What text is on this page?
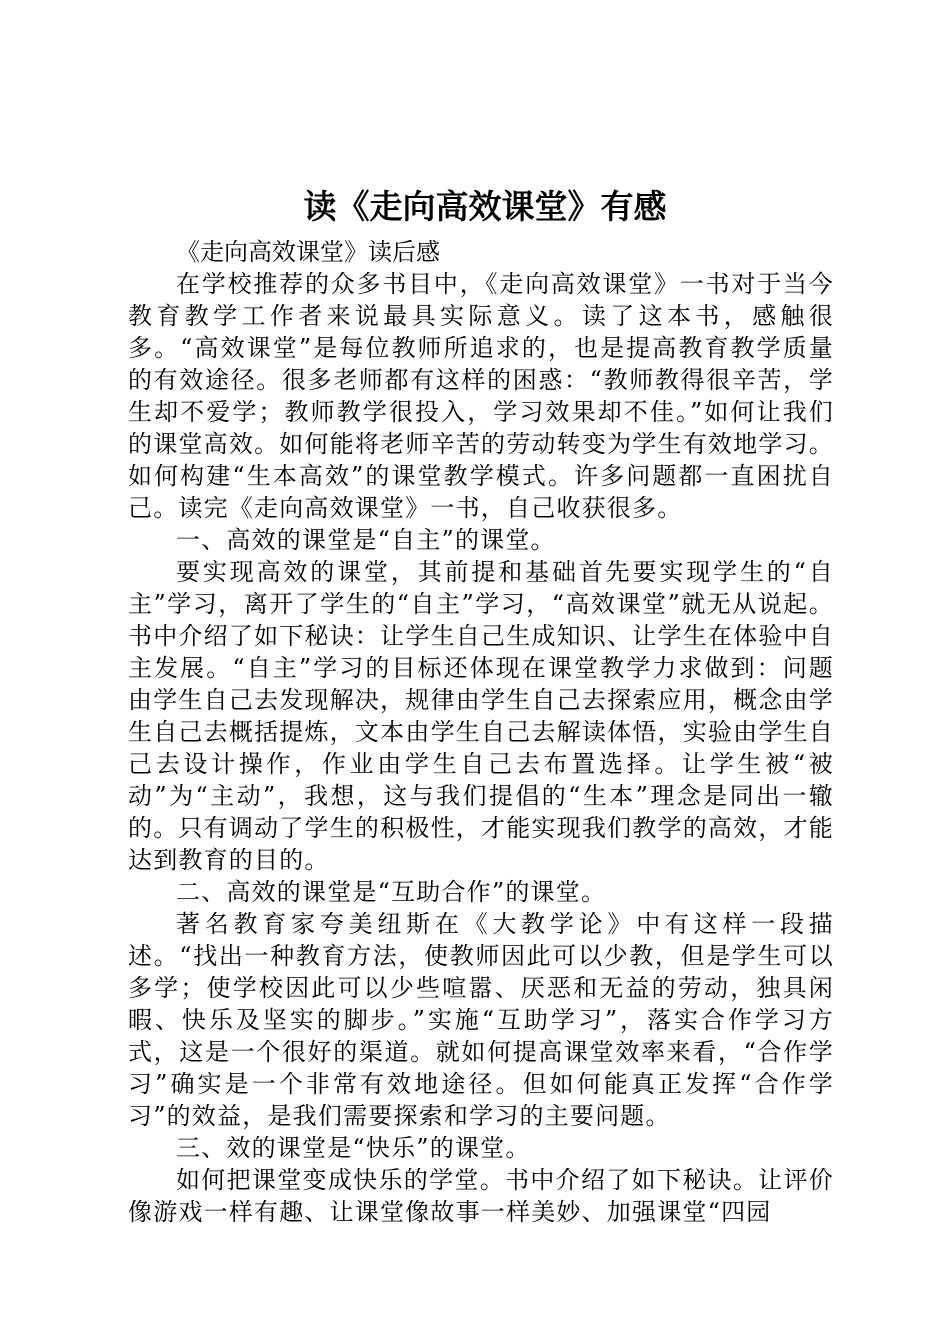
读《走向高效课堂》有感
《走向高效课堂》读后感

在学校推荐的众多书目中，《走向高效课堂》一书对于当今教育教学工作者来说最具实际意义。读了这本书，感触很多。“高效课堂”是每位教师所追求的，也是提高教育教学质量的有效途径。很多老师都有这样的困惑：“教师教得很辛苦，学生却不爱学；教师教学很投入，学习效果却不佳。”如何让我们的课堂高效。如何能将老师辛苦的劳动转变为学生有效地学习。如何构建“生本高效”的课堂教学模式。许多问题都一直困扰自己。读完《走向高效课堂》一书，自己收获很多。

一、高效的课堂是“自主”的课堂。

要实现高效的课堂，其前提和基础首先要实现学生的“自主”学习，离开了学生的“自主”学习，“高效课堂”就无从说起。书中介绍了如下秘诀：让学生自己生成知识、让学生在体验中自主发展。“自主”学习的目标还体现在课堂教学力求做到：问题由学生自己去发现解决，规律由学生自己去探索应用，概念由学生自己去概括提炼，文本由学生自己去解读体悟，实验由学生自己去设计操作，作业由学生自己去布置选择。让学生被“被动”为“主动”，我想，这与我们提倡的“生本”理念是同出一辙的。只有调动了学生的积极性，才能实现我们教学的高效，才能达到教育的目的。

二、高效的课堂是“互助合作”的课堂。

著名教育家夸美纽斯在《大教学论》中有这样一段描述。“找出一种教育方法，使教师因此可以少教，但是学生可以多学；使学校因此可以少些喧嚣、厌恶和无益的劳动，独具闲暇、快乐及坚实的脚步。”实施“互助学习”，落实合作学习方式，这是一个很好的渠道。就如何提高课堂效率来看，“合作学习”确实是一个非常有效地途径。但如何能真正发挥“合作学习”的效益，是我们需要探索和学习的主要问题。

三、效的课堂是“快乐”的课堂。

如何把课堂变成快乐的学堂。书中介绍了如下秘诀。让评价像游戏一样有趣、让课堂像故事一样美妙、加强课堂“四园
